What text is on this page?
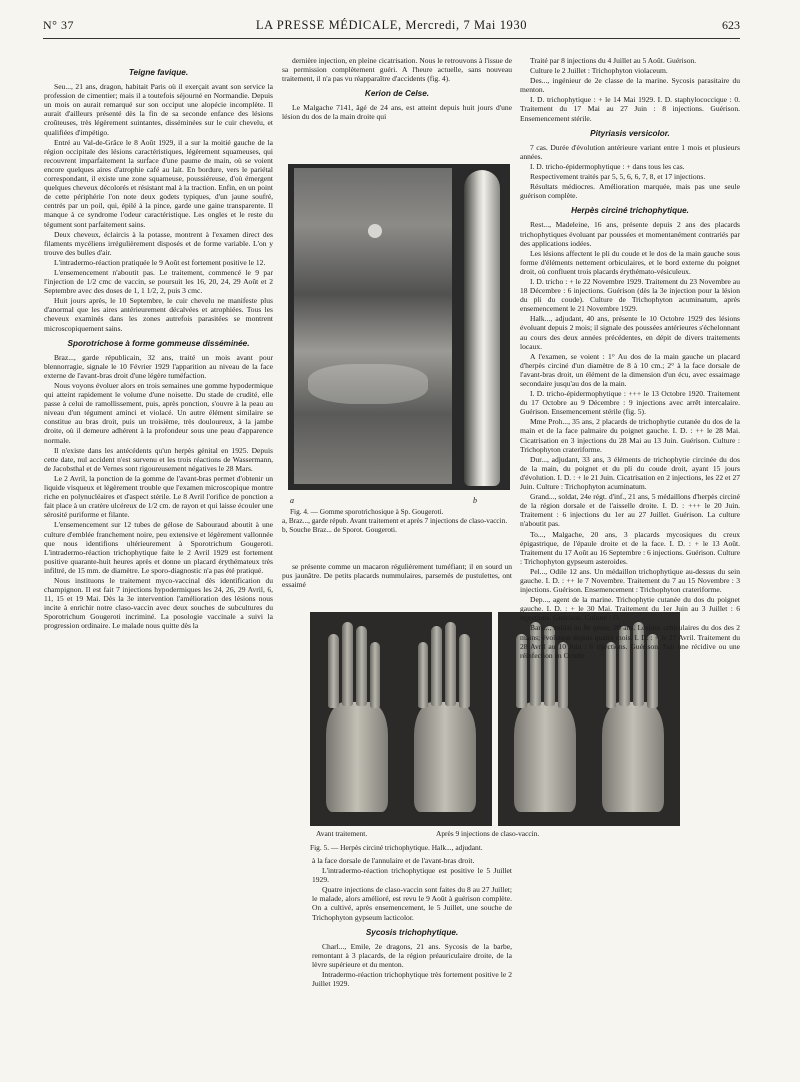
N° 37	LA PRESSE MÉDICALE, Mercredi, 7 Mai 1930	623
Teigne favique.

Seu..., 21 ans, dragon, habitait Paris où il exerçait avant son service la profession de cimentier; mais il a toutefois séjourné en Normandie. Depuis un mois on aurait remarqué sur son occiput une alopécie incomplète. Il aurait d'ailleurs présenté dès la fin de sa seconde enfance des lésions croûteuses, très légèrement suintantes, disséminées sur le cuir chevelu, et qualifiées d'impétigo.

Entré au Val-de-Grâce le 8 Août 1929, il a sur la moitié gauche de la région occipitale des lésions caractéristiques, légèrement squameuses, qui recouvrent imparfaitement la surface d'une paume de main, où se voient encore quelques aires d'atrophie café au lait. En bordure, vers le pariétal correspondant, il existe une zone squameuse, poussiéreuse, d'où émergent quelques cheveux décolorés et résistant mal à la traction. Enfin, en un point de cette périphérie l'on note deux godets typiques, d'un jaune soufré, centrés par un poil, qui, épilé à la pince, garde une gaine transparente. Il manque à ce syndrome l'odeur caractéristique. Les ongles et le reste du tégument sont parfaitement sains.

Deux cheveux, éclaircis à la potasse, montrent à l'examen direct des filaments mycéliens irrégulièrement disposés et de forme variable. L'on y trouve des bulles d'air.

L'intradermo-réaction pratiquée le 9 Août est fortement positive le 12.

L'ensemencement n'aboutit pas. Le traitement, commencé le 9 par l'injection de 1/2 cmc de vaccin, se poursuit les 16, 20, 24, 29 Août et 2 Septembre avec des doses de 1, 1 1/2, 2, puis 3 cmc.

Huit jours après, le 10 Septembre, le cuir chevelu ne manifeste plus d'anormal que les aires antérieurement décalvées et atrophiées. Tous les cheveux examinés dans les zones autrefois parasitées se montrent microscopiquement sains.

Sporotrichose à forme gommeuse disséminée.

Braz..., garde républicain, 32 ans, traité un mois avant pour blennorragie, signale le 10 Février 1929 l'apparition au niveau de la face externe de l'avant-bras droit d'une légère tuméfaction.

Nous voyons évoluer alors en trois semaines une gomme hypodermique qui atteint rapidement le volume d'une noisette. Du stade de crudité, elle passe à celui de ramollissement, puis, après ponction, s'ouvre à la peau au niveau d'un tégument aminci et violacé. Un autre élément similaire se constitue au bras droit, puis un troisième, très douloureux, à la jambe droite, où il demeure adhérent à la profondeur sous une peau d'apparence normale.

Il n'existe dans les antécédents qu'un herpès génital en 1925. Depuis cette date, nul accident n'est survenu et les trois réactions de Wassermann, de Jacobsthal et de Vernes sont rigoureusement négatives le 28 Mars.

Le 2 Avril, la ponction de la gomme de l'avant-bras permet d'obtenir un liquide visqueux et légèrement trouble que l'examen microscopique montre riche en polynucléaires et d'aspect stérile. Le 8 Avril l'orifice de ponction a fait place à un cratère ulcéreux de 1/2 cm. de rayon et qui laisse écouler une sérosité puriforme et filante.

L'ensemencement sur 12 tubes de gélose de Sabouraud aboutit à une culture d'emblée franchement noire, peu extensive et légèrement vallonnée que nous identifions ultérieurement à Sporotrichum Gougeroti. L'intradermo-réaction trichophytique faite le 2 Avril 1929 est fortement positive quarante-huit heures après et donne un placard érythémateux très infiltré, de 15 mm. de diamètre. Le sporo-diagnostic n'a pas été pratiqué.

Nous instituons le traitement myco-vaccinal dès identification du champignon. Il est fait 7 injections hypodermiques les 24, 26, 29 Avril, 6, 11, 15 et 19 Mai. Dès la 3e intervention l'amélioration des lésions nous incite à enrichir notre claso-vaccin avec deux souches de subcultures du Sporotrichum Gougeroti incriminé. La posologie vaccinale a suivi la progression ordinaire. Le malade nous quitte dès la

dernière injection, en pleine cicatrisation. Nous le retrouvons à l'issue de sa permission complètement guéri. A l'heure actuelle, sans nouveau traitement, il n'a pas vu réapparaître d'accidents (fig. 4).

Kerion de Celse.

Le Malgache 7141, âgé de 24 ans, est atteint depuis huit jours d'une lésion du dos de la main droite qui

a	b

Fig. 4. — Gomme sporotrichosique à Sp. Gougeroti.

a, Braz..., garde répub. Avant traitement et après 7 injections de claso-vaccin.

b, Souche Braz... de Sporot. Gougeroti.

se présente comme un macaron régulièrement tuméfiant; il en sourd un pus jaunâtre. De petits placards nummulaires, parsemés de pustulettes, ont essaimé

Avant traitement.	Après 9 injections de claso-vaccin.
Fig. 5. — Herpès circiné trichophytique. Halk..., adjudant.

à la face dorsale de l'annulaire et de l'avant-bras droit.

L'intradermo-réaction trichophytique est positive le 5 Juillet 1929.

Quatre injections de claso-vaccin sont faites du 8 au 27 Juillet; le malade, alors amélioré, est revu le 9 Août à guérison complète. On a cultivé, après ensemencement, le 5 Juillet, une souche de Trichophyton gypseum lacticolor.

Sycosis trichophytique.

Charl..., Emile, 2e dragons, 21 ans. Sycosis de la barbe, remontant à 3 placards, de la région préauriculaire droite, de la lèvre supérieure et du menton.

Intradermo-réaction trichophytique très fortement positive le 2 Juillet 1929.

Traité par 8 injections du 4 Juillet au 5 Août. Guérison.

Culture le 2 Juillet : Trichophyton violaceum.

Des..., ingénieur de 2e classe de la marine. Sycosis parasitaire du menton.

I. D. trichophytique : + le 14 Mai 1929. I. D. staphylococcique : 0. Traitement du 17 Mai au 27 Juin : 8 injections. Guérison. Ensemencement stérile.

Pityriasis versicolor.

7 cas. Durée d'évolution antérieure variant entre 1 mois et plusieurs années.

I. D. tricho-épidermophytique : + dans tous les cas.

Respectivement traités par 5, 5, 6, 6, 7, 8, et 17 injections.

Résultats médiocres. Amélioration marquée, mais pas une seule guérison complète.

Herpès circiné trichophytique.

Rest..., Madeleine, 16 ans, présente depuis 2 ans des placards trichophytiques évoluant par poussées et momentanément contrariés par des applications iodées.

Les lésions affectent le pli du coude et le dos de la main gauche sous forme d'éléments nettement orbiculaires, et le bord externe du poignet droit, où confluent trois placards érythémato-vésiculeux.

I. D. tricho : + le 22 Novembre 1929. Traitement du 23 Novembre au 18 Décembre : 6 injections. Guérison (dès la 3e injection pour la lésion du pli du coude). Culture de Trichophyton acuminatum, après ensemencement le 21 Novembre 1929.

Halk..., adjudant, 40 ans, présente le 10 Octobre 1929 des lésions évoluant depuis 2 mois; il signale des poussées antérieures s'échelonnant au cours des deux années précédentes, en dépit de divers traitements locaux.

A l'examen, se voient : 1° Au dos de la main gauche un placard d'herpès circiné d'un diamètre de 8 à 10 cm.; 2° à la face dorsale de l'avant-bras droit, un élément de la dimension d'un écu, avec essaimage secondaire jusqu'au dos de la main.

I. D. tricho-épidermophytique : +++ le 13 Octobre 1920. Traitement du 17 Octobre au 9 Décembre : 9 injections avec arrêt intercalaire. Guérison. Ensemencement stérile (fig. 5).

Mme Proh..., 35 ans, 2 placards de trichophytie cutanée du dos de la main et de la face palmaire du poignet gauche. I. D. : ++ le 28 Mai. Cicatrisation en 3 injections du 28 Mai au 13 Juin. Guérison. Culture : Trichophyton crateriforme.

Dur..., adjudant, 33 ans, 3 éléments de trichophytie circinée du dos de la main, du poignet et du pli du coude droit, ayant 15 jours d'évolution. I. D. : + le 21 Juin. Cicatrisation en 2 injections, les 22 et 27 Juin. Culture : Trichophyton acuminatum.

Grand..., soldat, 24e régt. d'inf., 21 ans, 5 médaillons d'herpès circiné de la région dorsale et de l'aisselle droite. I. D. : +++ le 20 Juin. Traitement : 6 injections du 1er au 27 Juillet. Guérison. La culture n'aboutit pas.

To..., Malgache, 20 ans, 3 placards mycosiques du creux épigastrique, de l'épaule droite et de la face. I. D. : + le 13 Août. Traitement du 17 Août au 16 Septembre : 6 injections. Guérison. Culture : Trichophyton gypseum asteroides.

Pel..., Odile 12 ans. Un médaillon trichophytique au-dessus du sein gauche. I. D. : ++ le 7 Novembre. Traitement du 7 au 15 Novembre : 3 injections. Guérison. Ensemencement : Trichophyton crateriforme.

Dep..., agent de la marine. Trichophytie cutanée du dos du poignet gauche. I. D. : + le 30 Mai. Traitement du 1er Juin au 3 Juillet : 6 injections. Guérison. Culture : O.

Bars..., soldat au 8e génie, 20 ans. Lésions orbiculaires du dos des 2 mains; évolution depuis quatre mois. I. D. : + le 27 Avril. Traitement du 28 Avril au 10 Juin : 6 injections. Guérison. Fait une récidive ou une réinfection en Octobr
